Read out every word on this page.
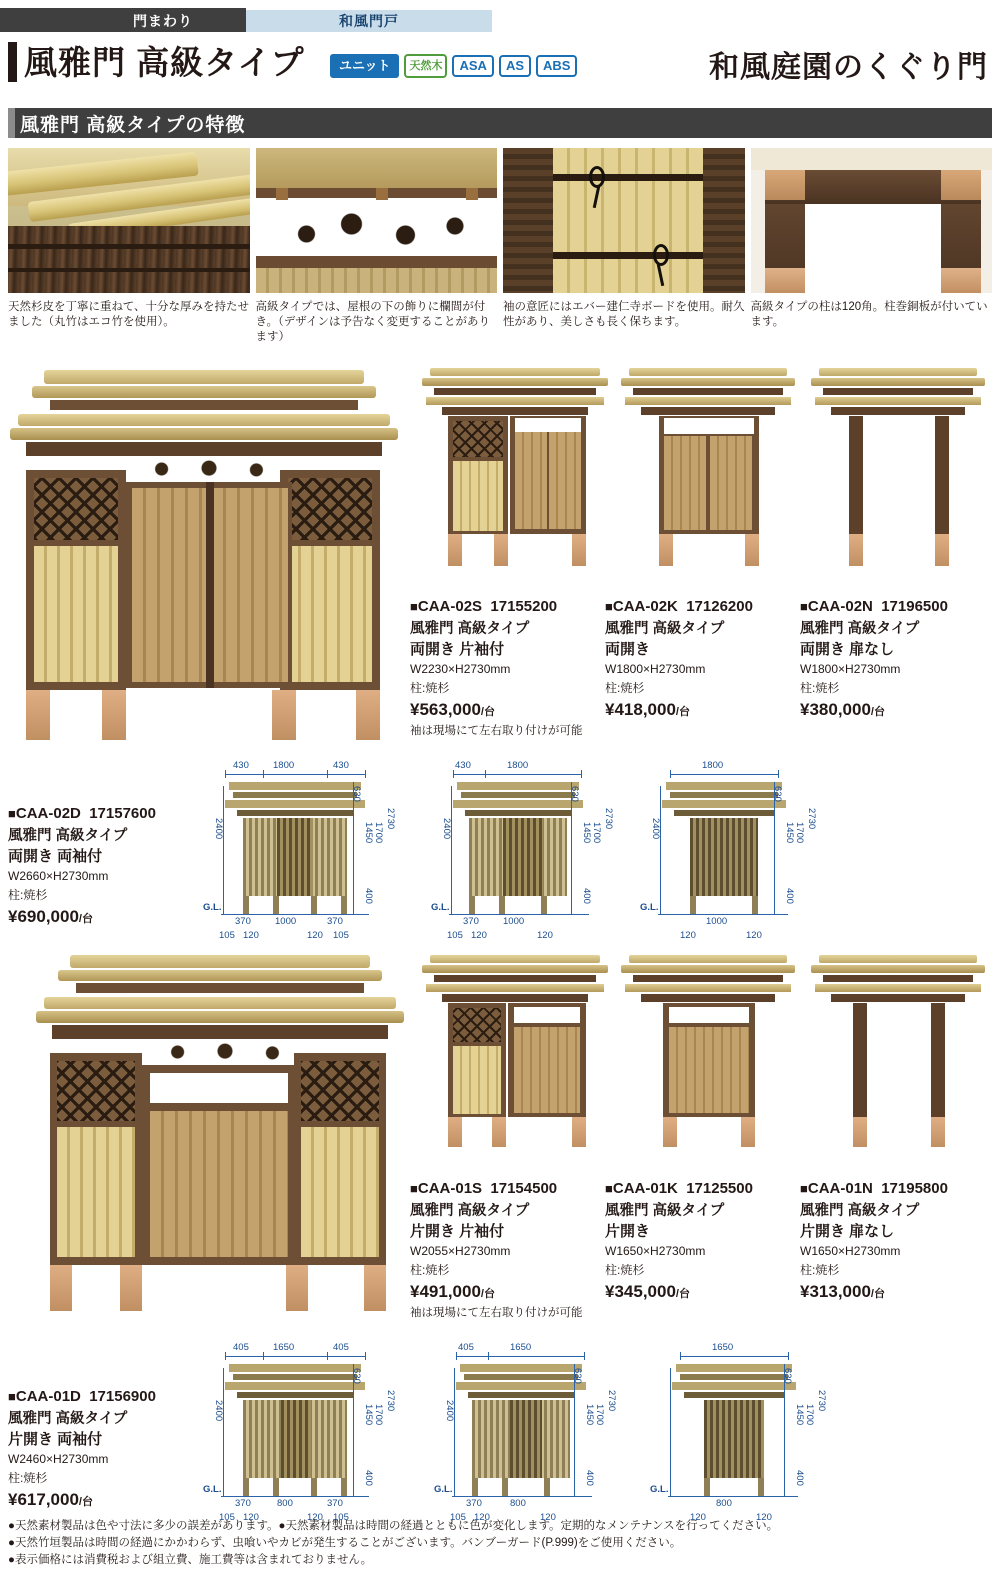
門まわり	和風門戸
風雅門 高級タイプ	ユニット	天然木	ASA	AS	ABS	和風庭園のくぐり門
風雅門 高級タイプの特徴
天然杉皮を丁寧に重ねて、十分な厚みを持たせました（丸竹はエコ竹を使用）。
高級タイプでは、屋根の下の飾りに欄間が付き。（デザインは予告なく変更することがあります）
袖の意匠にはエバー建仁寺ボードを使用。耐久性があり、美しさも長く保ちます。
高級タイプの柱は120角。柱巻銅板が付いています。
■CAA-02S 17155200
風雅門 高級タイプ
両開き 片袖付
W2230×H2730mm
柱:焼杉
¥563,000/台
袖は現場にて左右取り付けが可能
■CAA-02K 17126200
風雅門 高級タイプ
両開き
W1800×H2730mm
柱:焼杉
¥418,000/台
■CAA-02N 17196500
風雅門 高級タイプ
両開き 扉なし
W1800×H2730mm
柱:焼杉
¥380,000/台
■CAA-02D 17157600
風雅門 高級タイプ
両開き 両袖付
W2660×H2730mm
柱:焼杉
¥690,000/台
430	1800	430
2400
G.L.
630
1450 1700
2730
400
370	1000	370
105 120	120 105
430	1800
2400
G.L.
630
1450 1700
2730
400
370	1000
105 120	120
1800
2400
G.L.
630
1450 1700
2730
400
1000
120	120
■CAA-01S 17154500
風雅門 高級タイプ
片開き 片袖付
W2055×H2730mm
柱:焼杉
¥491,000/台
袖は現場にて左右取り付けが可能
■CAA-01K 17125500
風雅門 高級タイプ
片開き
W1650×H2730mm
柱:焼杉
¥345,000/台
■CAA-01N 17195800
風雅門 高級タイプ
片開き 扉なし
W1650×H2730mm
柱:焼杉
¥313,000/台
■CAA-01D 17156900
風雅門 高級タイプ
片開き 両袖付
W2460×H2730mm
柱:焼杉
¥617,000/台
405	1650	405
2400
G.L.
630
1450 1700
2730
400
370	800	370
105 120	120 105
405	1650
2400
G.L.
630
1450 1700
2730
400
370	800
105 120	120
1650
G.L.
630
1450 1700
2730
400
800
120	120
●天然素材製品は色や寸法に多少の誤差があります。●天然素材製品は時間の経過とともに色が変化します。定期的なメンテナンスを行ってください。
●天然竹垣製品は時間の経過にかかわらず、虫喰いやカビが発生することがございます。バンブーガード(P.999)をご使用ください。
●表示価格には消費税および組立費、施工費等は含まれておりません。
